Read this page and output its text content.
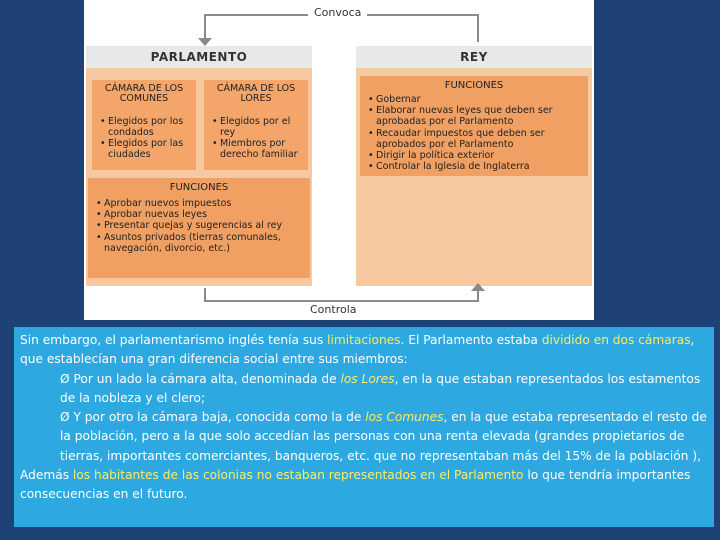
Convoca
PARLAMENTO
CÁMARA DE LOS COMUNES
• Elegidos por los condados
• Elegidos por las ciudades
CÁMARA DE LOS LORES
• Elegidos por el rey
• Miembros por derecho familiar
FUNCIONES
• Aprobar nuevos impuestos
• Aprobar nuevas leyes
• Presentar quejas y sugerencias al rey
• Asuntos privados (tierras comunales, navegación, divorcio, etc.)
REY
FUNCIONES
• Gobernar
• Elaborar nuevas leyes que deben ser aprobadas por el Parlamento
• Recaudar impuestos que deben ser aprobados por el Parlamento
• Dirigir la política exterior
• Controlar la Iglesia de Inglaterra
Controla
Sin embargo, el parlamentarismo inglés tenía sus limitaciones. El Parlamento estaba dividido en dos cámaras, que establecían una gran diferencia social entre sus miembros:
Ø Por un lado la cámara alta, denominada de los Lores, en la que estaban representados los estamentos de la nobleza y el clero;
Ø Y por otro la cámara baja, conocida como la de los Comunes, en la que estaba representado el resto de la población, pero a la que solo accedían las personas con una renta elevada (grandes propietarios de tierras, importantes comerciantes, banqueros, etc. que no representaban más del 15% de la población ),
Además los habitantes de las colonias no estaban representados en el Parlamento lo que tendría importantes consecuencias en el futuro.
